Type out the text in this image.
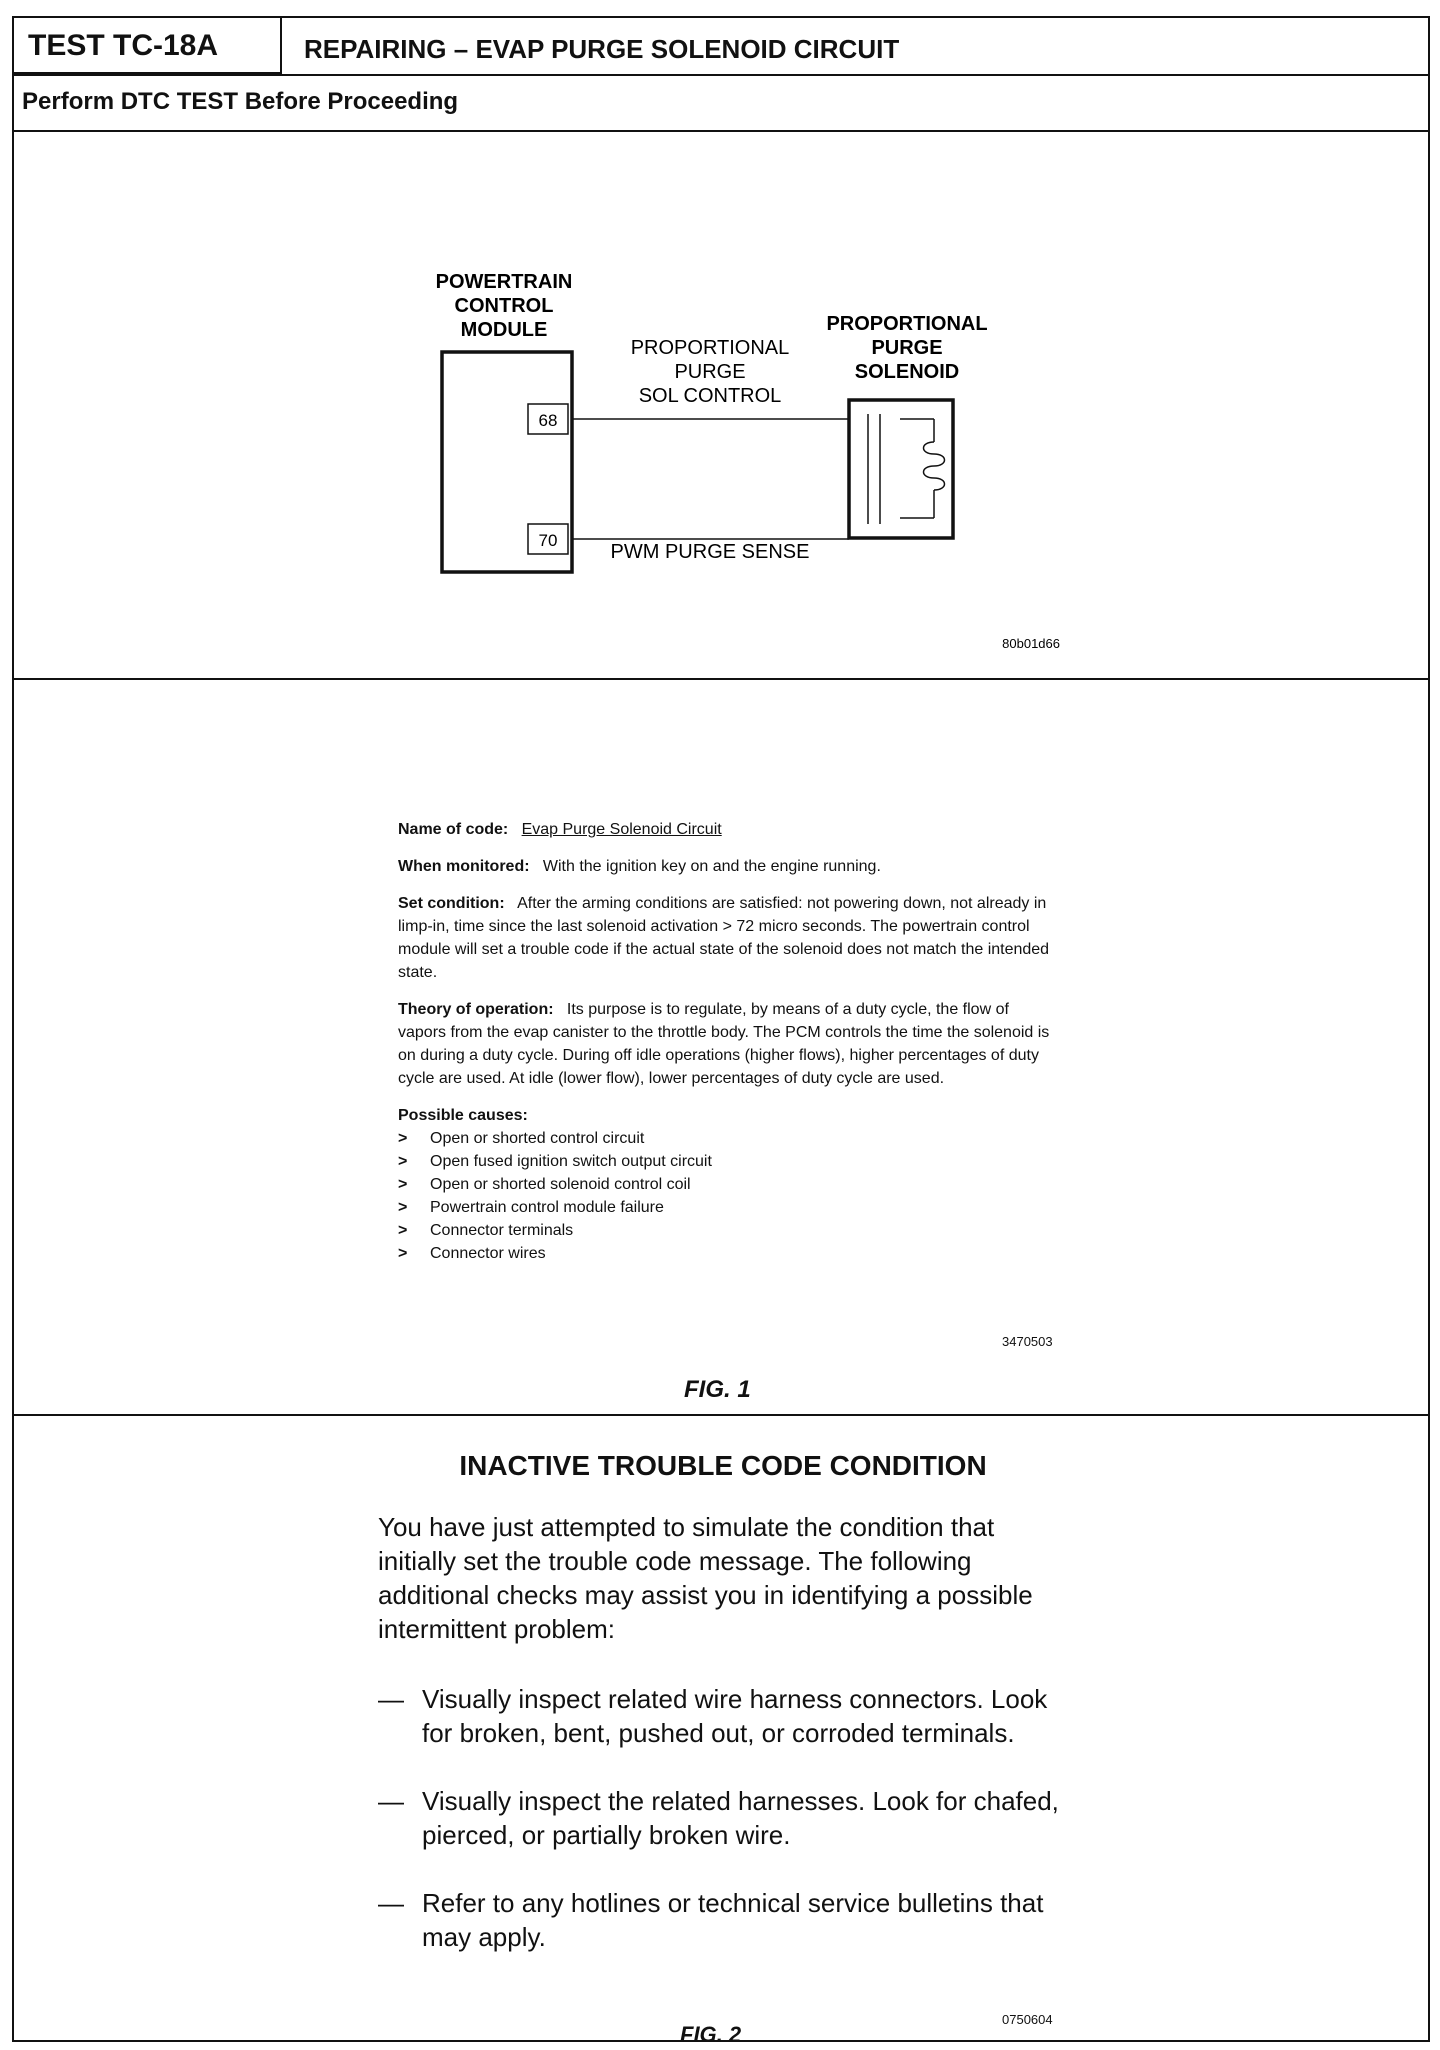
TEST TC-18A	REPAIRING – EVAP PURGE SOLENOID CIRCUIT
Perform DTC TEST Before Proceeding
POWERTRAIN
CONTROL
MODULE
68
70
PROPORTIONAL
PURGE
SOL CONTROL
PWM PURGE SENSE
PROPORTIONAL
PURGE
SOLENOID
80b01d66

Name of code: Evap Purge Solenoid Circuit

When monitored: With the ignition key on and the engine running.

Set condition: After the arming conditions are satisfied: not powering down, not already in limp-in, time since the last solenoid activation > 72 micro seconds. The powertrain control module will set a trouble code if the actual state of the solenoid does not match the intended state.

Theory of operation: Its purpose is to regulate, by means of a duty cycle, the flow of vapors from the evap canister to the throttle body. The PCM controls the time the solenoid is on during a duty cycle. During off idle operations (higher flows), higher percentages of duty cycle are used. At idle (lower flow), lower percentages of duty cycle are used.

Possible causes:
> Open or shorted control circuit
> Open fused ignition switch output circuit
> Open or shorted solenoid control coil
> Powertrain control module failure
> Connector terminals
> Connector wires
3470503
FIG. 1
INACTIVE TROUBLE CODE CONDITION
You have just attempted to simulate the condition that initially set the trouble code message. The following additional checks may assist you in identifying a possible intermittent problem:
— Visually inspect related wire harness connectors. Look for broken, bent, pushed out, or corroded terminals.
— Visually inspect the related harnesses. Look for chafed, pierced, or partially broken wire.
— Refer to any hotlines or technical service bulletins that may apply.
0750604
FIG. 2
